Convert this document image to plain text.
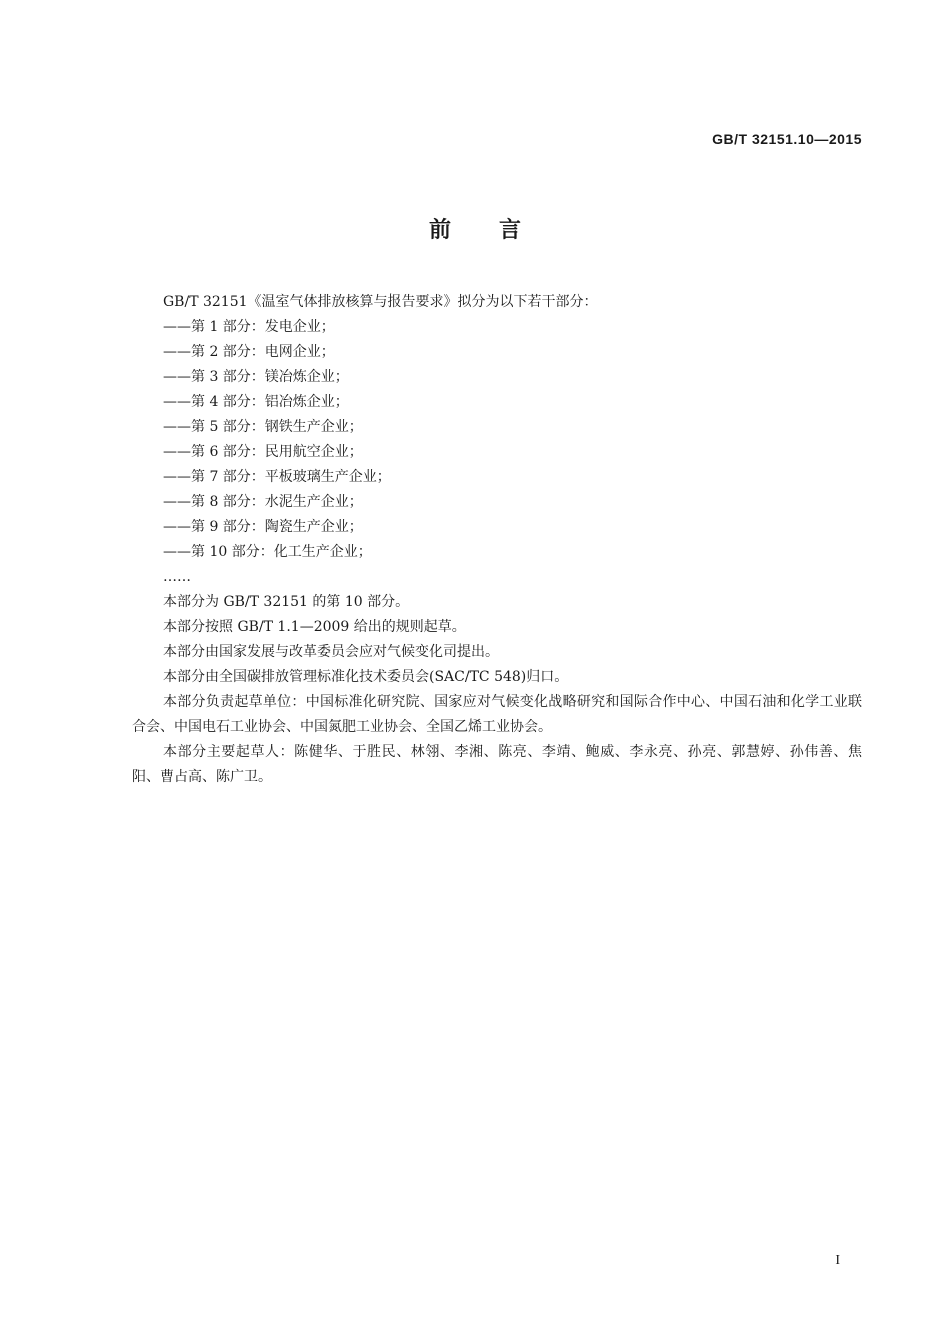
GB/T 32151.10—2015
前言
GB/T 32151《温室气体排放核算与报告要求》拟分为以下若干部分：
——第 1 部分：发电企业；
——第 2 部分：电网企业；
——第 3 部分：镁冶炼企业；
——第 4 部分：铝冶炼企业；
——第 5 部分：钢铁生产企业；
——第 6 部分：民用航空企业；
——第 7 部分：平板玻璃生产企业；
——第 8 部分：水泥生产企业；
——第 9 部分：陶瓷生产企业；
——第 10 部分：化工生产企业；
……
本部分为 GB/T 32151 的第 10 部分。
本部分按照 GB/T 1.1—2009 给出的规则起草。
本部分由国家发展与改革委员会应对气候变化司提出。
本部分由全国碳排放管理标准化技术委员会(SAC/TC 548)归口。
本部分负责起草单位：中国标准化研究院、国家应对气候变化战略研究和国际合作中心、中国石油和化学工业联合会、中国电石工业协会、中国氮肥工业协会、全国乙烯工业协会。
本部分主要起草人：陈健华、于胜民、林翎、李湘、陈亮、李靖、鲍威、李永亮、孙亮、郭慧婷、孙伟善、焦阳、曹占高、陈广卫。
I
